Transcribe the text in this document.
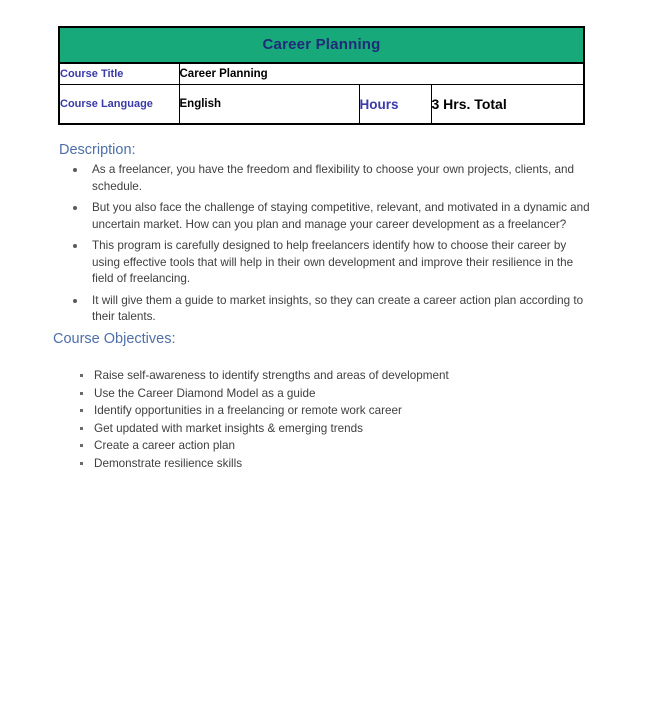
Career Planning			
Course Title	Career Planning		
Course Language	English	Hours	3 Hrs. Total
Description:
As a freelancer, you have the freedom and flexibility to choose your own projects, clients, and schedule.
But you also face the challenge of staying competitive, relevant, and motivated in a dynamic and uncertain market. How can you plan and manage your career development as a freelancer?
This program is carefully designed to help freelancers identify how to choose their career by using effective tools that will help in their own development and improve their resilience in the field of freelancing.
It will give them a guide to market insights, so they can create a career action plan according to their talents.
Course Objectives:
Raise self-awareness to identify strengths and areas of development
Use the Career Diamond Model as a guide
Identify opportunities in a freelancing or remote work career
Get updated with market insights & emerging trends
Create a career action plan
Demonstrate resilience skills
